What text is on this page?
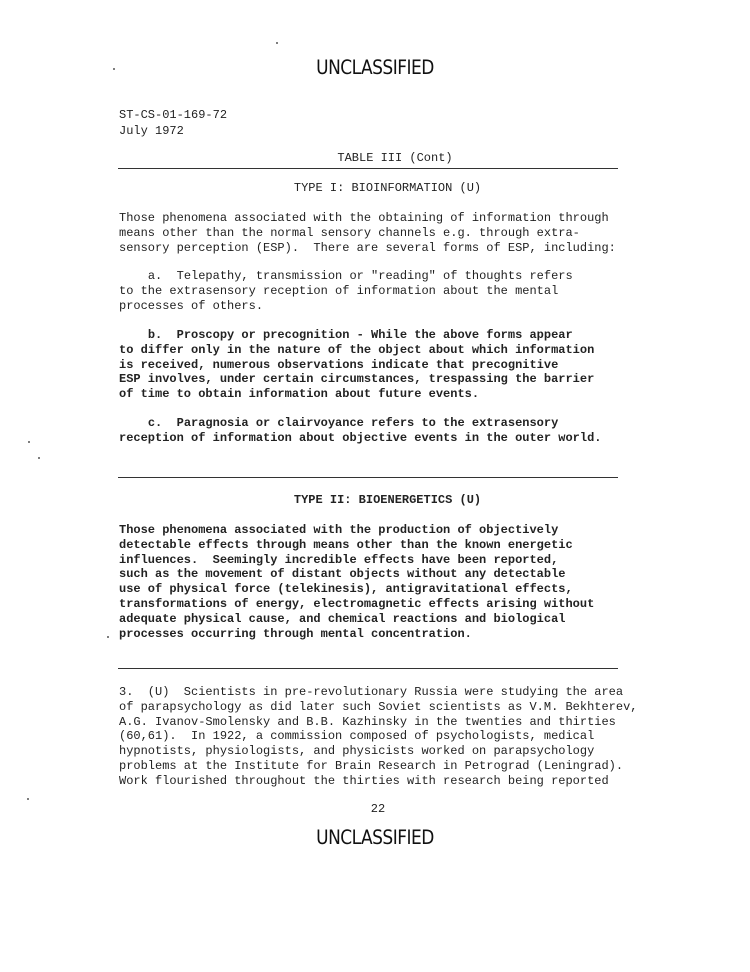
UNCLASSIFIED
ST-CS-01-169-72
July 1972
TABLE III (Cont)
TYPE I: BIOINFORMATION (U)

Those phenomena associated with the obtaining of information through
means other than the normal sensory channels e.g. through extra-
sensory perception (ESP).  There are several forms of ESP, including:

a.  Telepathy, transmission or "reading" of thoughts refers
to the extrasensory reception of information about the mental
processes of others.

b.  Proscopy or precognition - While the above forms appear
to differ only in the nature of the object about which information
is received, numerous observations indicate that precognitive
ESP involves, under certain circumstances, trespassing the barrier
of time to obtain information about future events.

c.  Paragnosia or clairvoyance refers to the extrasensory
reception of information about objective events in the outer world.

TYPE II: BIOENERGETICS (U)

Those phenomena associated with the production of objectively
detectable effects through means other than the known energetic
influences.  Seemingly incredible effects have been reported,
such as the movement of distant objects without any detectable
use of physical force (telekinesis), antigravitational effects,
transformations of energy, electromagnetic effects arising without
adequate physical cause, and chemical reactions and biological
processes occurring through mental concentration.

3.  (U)  Scientists in pre-revolutionary Russia were studying the area
of parapsychology as did later such Soviet scientists as V.M. Bekhterev,
A.G. Ivanov-Smolensky and B.B. Kazhinsky in the twenties and thirties
(60,61).  In 1922, a commission composed of psychologists, medical
hypnotists, physiologists, and physicists worked on parapsychology
problems at the Institute for Brain Research in Petrograd (Leningrad).
Work flourished throughout the thirties with research being reported

22
UNCLASSIFIED
